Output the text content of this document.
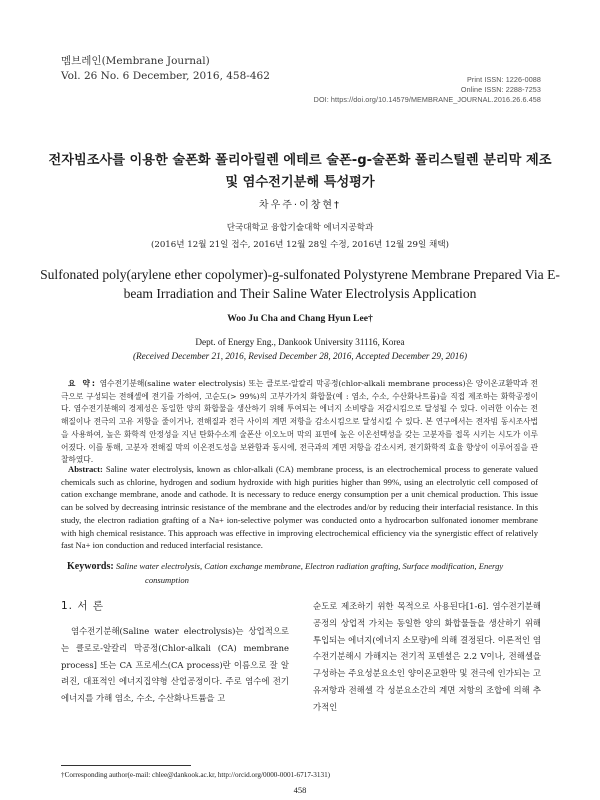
멤브레인(Membrane Journal)
Vol. 26 No. 6 December, 2016, 458-462	Print ISSN: 1226-0088
Online ISSN: 2288-7253
DOI: https://doi.org/10.14579/MEMBRANE_JOURNAL.2016.26.6.458
전자빔조사를 이용한 술폰화 폴리아릴렌 에테르 술폰-g-술폰화 폴리스틸렌 분리막 제조 및 염수전기분해 특성평가
차우주·이창현†
단국대학교 융합기술대학 에너지공학과
(2016년 12월 21일 접수, 2016년 12월 28일 수정, 2016년 12월 29일 채택)
Sulfonated poly(arylene ether copolymer)-g-sulfonated Polystyrene Membrane Prepared Via E-beam Irradiation and Their Saline Water Electrolysis Application
Woo Ju Cha and Chang Hyun Lee†
Dept. of Energy Eng., Dankook University 31116, Korea
(Received December 21, 2016, Revised December 28, 2016, Accepted December 29, 2016)
요 약: 염수전기분해(saline water electrolysis) 또는 클로로-알칼리 막공정(chlor-alkali membrane process)은 양이온교환막과 전극으로 구성되는 전해셀에 전기를 가하여, 고순도(> 99%)의 고부가가치 화합물(예 : 염소, 수소, 수산화나트륨)을 직접 제조하는 화학공정이다. 염수전기분해의 경제성은 동일한 양의 화합물을 생산하기 위해 투여되는 에너지 소비량을 저감시킴으로 달성될 수 있다. 이러한 이슈는 전해질이나 전극의 고유 저항을 줄이거나, 전해질과 전극 사이의 계면 저항을 감소시킴으로 달성시킬 수 있다. 본 연구에서는 전자빔 동시조사법을 사용하여, 높은 화학적 안정성을 지닌 탄화수소계 술폰산 이오노머 막의 표면에 높은 이온선택성을 갖는 고분자를 접목 시키는 시도가 이루어졌다. 이를 통해, 고분자 전해질 막의 이온전도성을 보완함과 동시에, 전극과의 계면 저항을 감소시켜, 전기화학적 효율 향상이 이루어짐을 관찰하였다.
Abstract: Saline water electrolysis, known as chlor-alkali (CA) membrane process, is an electrochemical process to generate valued chemicals such as chlorine, hydrogen and sodium hydroxide with high purities higher than 99%, using an electrolytic cell composed of cation exchange membrane, anode and cathode. It is necessary to reduce energy consumption per a unit chemical production. This issue can be solved by decreasing intrinsic resistance of the membrane and the electrodes and/or by reducing their interfacial resistance. In this study, the electron radiation grafting of a Na+ ion-selective polymer was conducted onto a hydrocarbon sulfonated ionomer membrane with high chemical resistance. This approach was effective in improving electrochemical efficiency via the synergistic effect of relatively fast Na+ ion conduction and reduced interfacial resistance.
Keywords: Saline water electrolysis, Cation exchange membrane, Electron radiation grafting, Surface modification, Energy consumption
1. 서 론
염수전기분해(Saline water electrolysis)는 상업적으로는 클로로-알칼리 막공정(Chlor-alkali (CA) membrane process] 또는 CA 프로세스(CA process)란 이름으로 잘 알려진, 대표적인 에너지집약형 산업공정이다. 주로 염수에 전기에너지를 가해 염소, 수소, 수산화나트륨을 고
순도로 제조하기 위한 목적으로 사용된다[1-6]. 염수전기분해공정의 상업적 가치는 동일한 양의 화합물들을 생산하기 위해 투입되는 에너지(에너지 소모량)에 의해 결정된다. 이론적인 염수전기분해시 가해지는 전기적 포텐셜은 2.2 V이나, 전해셀을 구성하는 주요성분요소인 양이온교환막 및 전극에 인가되는 고유저항과 전해셀 각 성분요소간의 계면 저항의 조합에 의해 추가적인
†Corresponding author(e-mail: chlee@dankook.ac.kr, http://orcid.org/0000-0001-6717-3131)
458
